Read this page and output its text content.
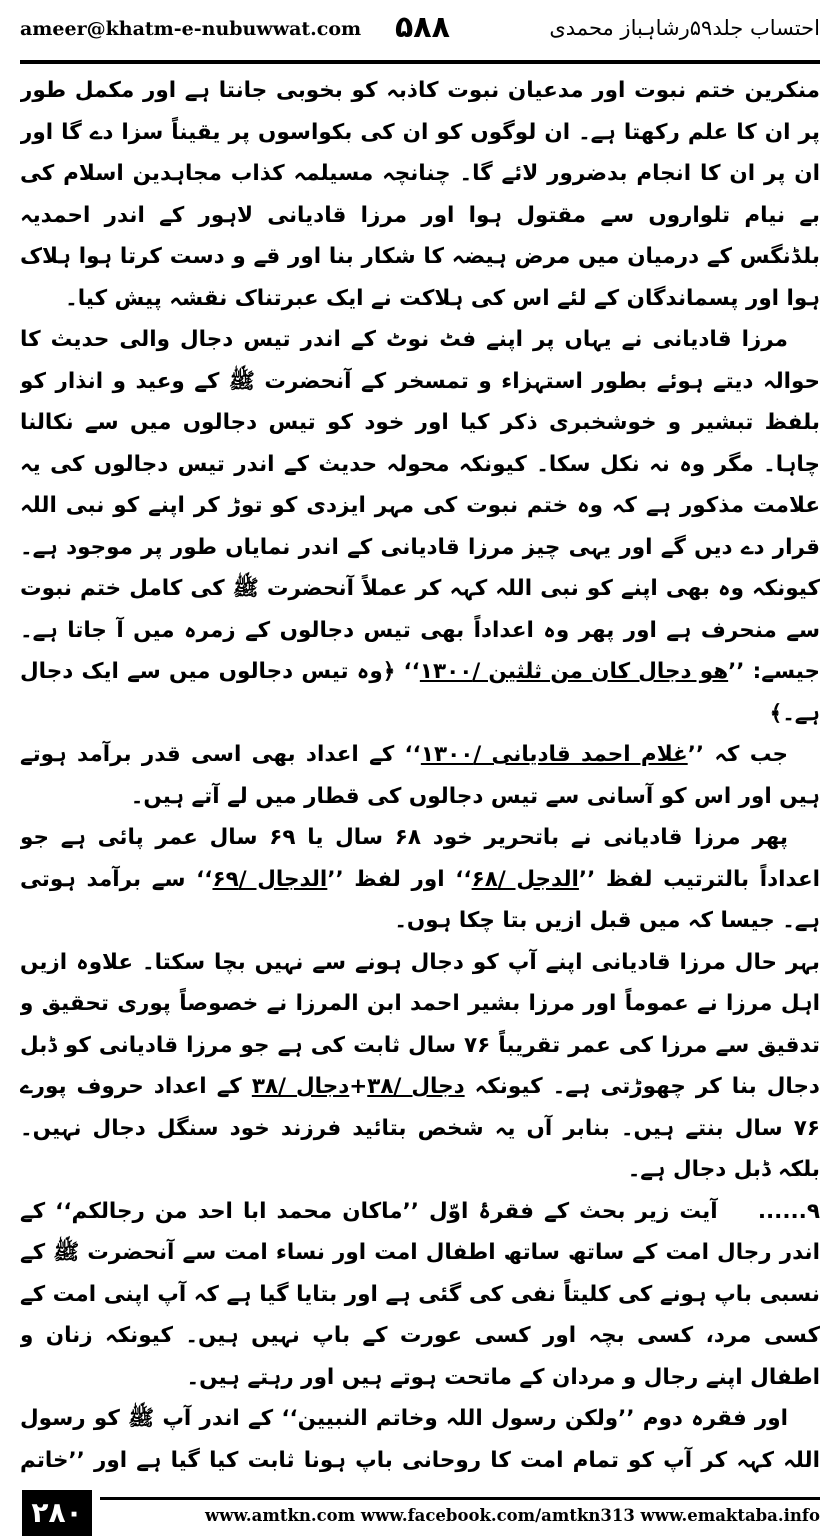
ameer@khatm-e-nubuwwat.com ۵۸۸	احتساب جلد۵۹رشاہباز محمدی

منکرین ختم نبوت اور مدعیان نبوت کاذبہ کو بخوبی جانتا ہے اور مکمل طور پر ان کا علم رکھتا ہے۔ ان لوگوں کو ان کی بکواسوں پر یقیناً سزا دے گا اور ان پر ان کا انجام بدضرور لائے گا۔ چنانچہ مسیلمہ کذاب مجاہدین اسلام کی بے نیام تلواروں سے مقتول ہوا اور مرزا قادیانی لاہور کے اندر احمدیہ بلڈنگس کے درمیان میں مرض ہیضہ کا شکار بنا اور قے و دست کرتا ہوا ہلاک ہوا اور پسماندگان کے لئے اس کی ہلاکت نے ایک عبرتناک نقشہ پیش کیا۔

مرزا قادیانی نے یہاں پر اپنے فٹ نوٹ کے اندر تیس دجال والی حدیث کا حوالہ دیتے ہوئے بطور استہزاء و تمسخر کے آنحضرت ﷺ کے وعید و انذار کو بلفظ تبشیر و خوشخبری ذکر کیا اور خود کو تیس دجالوں میں سے نکالنا چاہا۔ مگر وہ نہ نکل سکا۔ کیونکہ محولہ حدیث کے اندر تیس دجالوں کی یہ علامت مذکور ہے کہ وہ ختم نبوت کی مہر ایزدی کو توڑ کر اپنے کو نبی اللہ قرار دے دیں گے اور یہی چیز مرزا قادیانی کے اندر نمایاں طور پر موجود ہے۔ کیونکہ وہ بھی اپنے کو نبی اللہ کہہ کر عملاً آنحضرت ﷺ کی کامل ختم نبوت سے منحرف ہے اور پھر وہ اعداداً بھی تیس دجالوں کے زمرہ میں آ جاتا ہے۔ جیسے: ’’ھو دجال کان من ثلثین /۱۳۰۰‘‘ ﴿وہ تیس دجالوں میں سے ایک دجال ہے۔﴾

جب کہ ’’غلام احمد قادیانی /۱۳۰۰‘‘ کے اعداد بھی اسی قدر برآمد ہوتے ہیں اور اس کو آسانی سے تیس دجالوں کی قطار میں لے آتے ہیں۔

پھر مرزا قادیانی نے باتحریر خود ۶۸ سال یا ۶۹ سال عمر پائی ہے جو اعداداً بالترتیب لفظ ’’الدجل /۶۸‘‘ اور لفظ ’’الدجال /۶۹‘‘ سے برآمد ہوتی ہے۔ جیسا کہ میں قبل ازیں بتا چکا ہوں۔

بہر حال مرزا قادیانی اپنے آپ کو دجال ہونے سے نہیں بچا سکتا۔ علاوہ ازیں اہل مرزا نے عموماً اور مرزا بشیر احمد ابن المرزا نے خصوصاً پوری تحقیق و تدقیق سے مرزا کی عمر تقریباً ۷۶ سال ثابت کی ہے جو مرزا قادیانی کو ڈبل دجال بنا کر چھوڑتی ہے۔ کیونکہ دجال /۳۸+دجال /۳۸ کے اعداد حروف پورے ۷۶ سال بنتے ہیں۔ بنابر آں یہ شخص بتائید فرزند خود سنگل دجال نہیں۔ بلکہ ڈبل دجال ہے۔

۹......    آیت زیر بحث کے فقرۂ اوّل ’’ماکان محمد ابا احد من رجالکم‘‘ کے اندر رجال امت کے ساتھ ساتھ اطفال امت اور نساء امت سے آنحضرت ﷺ کے نسبی باپ ہونے کی کلیتاً نفی کی گئی ہے اور بتایا گیا ہے کہ آپ اپنی امت کے کسی مرد، کسی بچہ اور کسی عورت کے باپ نہیں ہیں۔ کیونکہ زنان و اطفال اپنے رجال و مردان کے ماتحت ہوتے ہیں اور رہتے ہیں۔

اور فقرہ دوم ’’ولکن رسول اللہ وخاتم النبیین‘‘ کے اندر آپ ﷺ کو رسول اللہ کہہ کر آپ کو تمام امت کا روحانی باپ ہونا ثابت کیا گیا ہے اور ’’خاتم

۲۸۰	www.amtkn.com www.facebook.com/amtkn313 www.emaktaba.info
